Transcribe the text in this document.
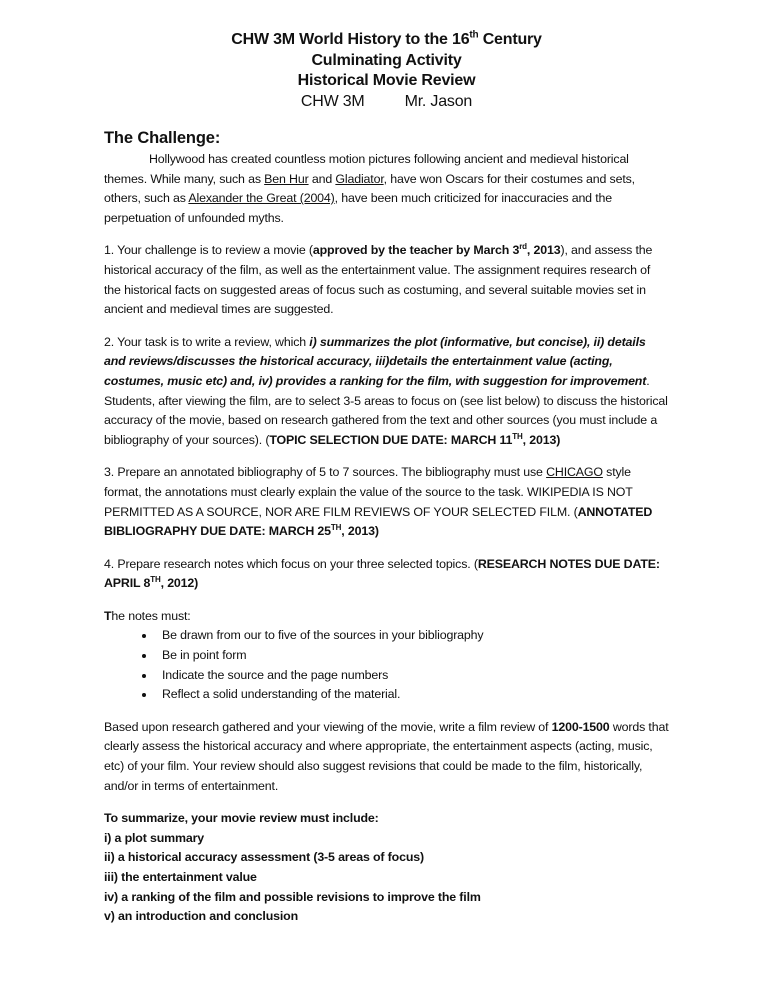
CHW 3M World History to the 16th Century
Culminating Activity
Historical Movie Review
CHW 3M	Mr. Jason
The Challenge:

Hollywood has created countless motion pictures following ancient and medieval historical themes. While many, such as Ben Hur and Gladiator, have won Oscars for their costumes and sets, others, such as Alexander the Great (2004), have been much criticized for inaccuracies and the perpetuation of unfounded myths.

1. Your challenge is to review a movie (approved by the teacher by March 3rd, 2013), and assess the historical accuracy of the film, as well as the entertainment value. The assignment requires research of the historical facts on suggested areas of focus such as costuming, and several suitable movies set in ancient and medieval times are suggested.

2. Your task is to write a review, which i) summarizes the plot (informative, but concise), ii) details and reviews/discusses the historical accuracy, iii)details the entertainment value (acting, costumes, music etc) and, iv) provides a ranking for the film, with suggestion for improvement. Students, after viewing the film, are to select 3-5 areas to focus on (see list below) to discuss the historical accuracy of the movie, based on research gathered from the text and other sources (you must include a bibliography of your sources). (TOPIC SELECTION DUE DATE: MARCH 11TH, 2013)

3. Prepare an annotated bibliography of 5 to 7 sources. The bibliography must use CHICAGO style format, the annotations must clearly explain the value of the source to the task. WIKIPEDIA IS NOT PERMITTED AS A SOURCE, NOR ARE FILM REVIEWS OF YOUR SELECTED FILM. (ANNOTATED BIBLIOGRAPHY DUE DATE: MARCH 25TH, 2013)

4. Prepare research notes which focus on your three selected topics. (RESEARCH NOTES DUE DATE: APRIL 8TH, 2012)

The notes must:
• Be drawn from our to five of the sources in your bibliography
• Be in point form
• Indicate the source and the page numbers
• Reflect a solid understanding of the material.

Based upon research gathered and your viewing of the movie, write a film review of 1200-1500 words that clearly assess the historical accuracy and where appropriate, the entertainment aspects (acting, music, etc) of your film. Your review should also suggest revisions that could be made to the film, historically, and/or in terms of entertainment.

To summarize, your movie review must include:
i) a plot summary
ii) a historical accuracy assessment (3-5 areas of focus)
iii) the entertainment value
iv) a ranking of the film and possible revisions to improve the film
v) an introduction and conclusion
